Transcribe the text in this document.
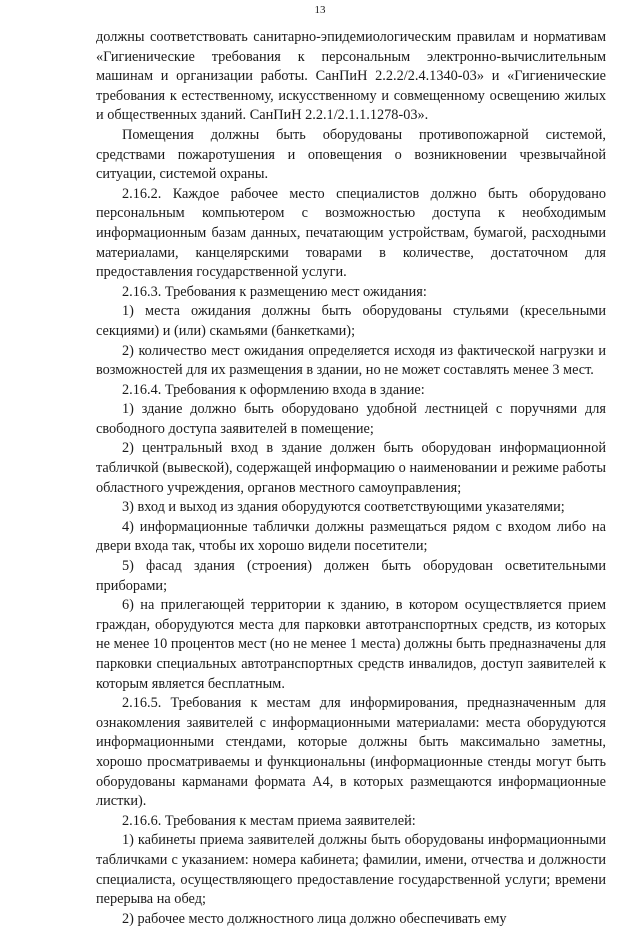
13

должны соответствовать санитарно-эпидемиологическим правилам и нормативам «Гигиенические требования к персональным электронно-вычислительным машинам и организации работы. СанПиН 2.2.2/2.4.1340-03» и «Гигиенические требования к естественному, искусственному и совмещенному освещению жилых и общественных зданий. СанПиН 2.2.1/2.1.1.1278-03».

Помещения должны быть оборудованы противопожарной системой, средствами пожаротушения и оповещения о возникновении чрезвычайной ситуации, системой охраны.

2.16.2. Каждое рабочее место специалистов должно быть оборудовано персональным компьютером с возможностью доступа к необходимым информационным базам данных, печатающим устройствам, бумагой, расходными материалами, канцелярскими товарами в количестве, достаточном для предоставления государственной услуги.

2.16.3. Требования к размещению мест ожидания:

1) места ожидания должны быть оборудованы стульями (кресельными секциями) и (или) скамьями (банкетками);

2) количество мест ожидания определяется исходя из фактической нагрузки и возможностей для их размещения в здании, но не может составлять менее 3 мест.

2.16.4. Требования к оформлению входа в здание:

1) здание должно быть оборудовано удобной лестницей с поручнями для свободного доступа заявителей в помещение;

2) центральный вход в здание должен быть оборудован информационной табличкой (вывеской), содержащей информацию о наименовании и режиме работы областного учреждения, органов местного самоуправления;

3) вход и выход из здания оборудуются соответствующими указателями;

4) информационные таблички должны размещаться рядом с входом либо на двери входа так, чтобы их хорошо видели посетители;

5) фасад здания (строения) должен быть оборудован осветительными приборами;

6) на прилегающей территории к зданию, в котором осуществляется прием граждан, оборудуются места для парковки автотранспортных средств, из которых не менее 10 процентов мест (но не менее 1 места) должны быть предназначены для парковки специальных автотранспортных средств инвалидов, доступ заявителей к которым является бесплатным.

2.16.5. Требования к местам для информирования, предназначенным для ознакомления заявителей с информационными материалами: места оборудуются информационными стендами, которые должны быть максимально заметны, хорошо просматриваемы и функциональны (информационные стенды могут быть оборудованы карманами формата А4, в которых размещаются информационные листки).

2.16.6. Требования к местам приема заявителей:

1) кабинеты приема заявителей должны быть оборудованы информационными табличками с указанием: номера кабинета; фамилии, имени, отчества и должности специалиста, осуществляющего предоставление государственной услуги; времени перерыва на обед;

2) рабочее место должностного лица должно обеспечивать ему
